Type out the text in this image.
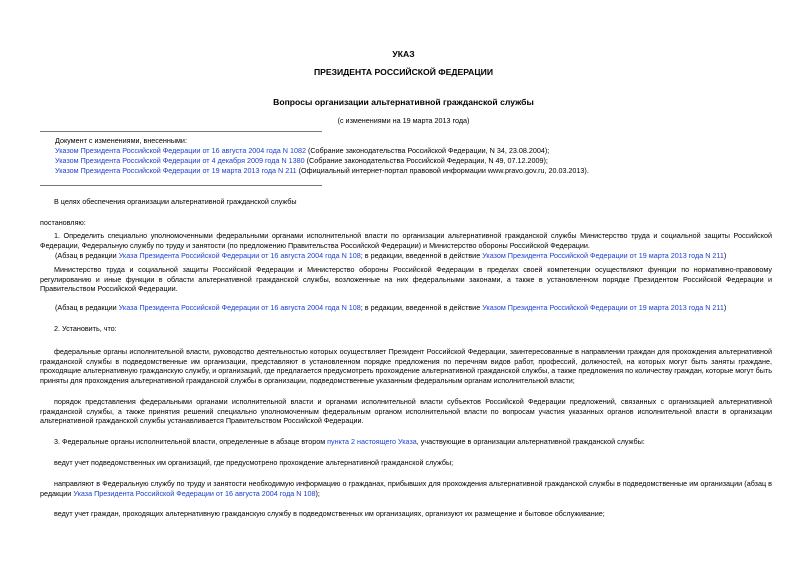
УКАЗ
ПРЕЗИДЕНТА РОССИЙСКОЙ ФЕДЕРАЦИИ
Вопросы организации альтернативной гражданской службы
(с изменениями на 19 марта 2013 года)
Документ с изменениями, внесенными:
Указом Президента Российской Федерации от 16 августа 2004 года N 1082 (Собрание законодательства Российской Федерации, N 34, 23.08.2004);
Указом Президента Российской Федерации от 4 декабря 2009 года N 1380 (Собрание законодательства Российской Федерации, N 49, 07.12.2009);
Указом Президента Российской Федерации от 19 марта 2013 года N 211 (Официальный интернет-портал правовой информации www.pravo.gov.ru, 20.03.2013).
В целях обеспечения организации альтернативной гражданской службы
постановляю:
1. Определить специально уполномоченными федеральными органами исполнительной власти по организации альтернативной гражданской службы Министерство труда и социальной защиты Российской Федерации, Федеральную службу по труду и занятости (по предложению Правительства Российской Федерации) и Министерство обороны Российской Федерации.
(Абзац в редакции Указа Президента Российской Федерации от 16 августа 2004 года N 108; в редакции, введенной в действие Указом Президента Российской Федерации от 19 марта 2013 года N 211)
Министерство труда и социальной защиты Российской Федерации и Министерство обороны Российской Федерации в пределах своей компетенции осуществляют функции по нормативно-правовому регулированию и иные функции в области альтернативной гражданской службы, возложенные на них федеральными законами, а также в установленном порядке Президентом Российской Федерации и Правительством Российской Федерации.
(Абзац в редакции Указа Президента Российской Федерации от 16 августа 2004 года N 108; в редакции, введенной в действие Указом Президента Российской Федерации от 19 марта 2013 года N 211)
2. Установить, что:
федеральные органы исполнительной власти, руководство деятельностью которых осуществляет Президент Российской Федерации, заинтересованные в направлении граждан для прохождения альтернативной гражданской службы в подведомственные им организации, представляют в установленном порядке предложения по перечням видов работ, профессий, должностей, на которых могут быть заняты граждане, проходящие альтернативную гражданскую службу, и организаций, где предлагается предусмотреть прохождение альтернативной гражданской службы, а также предложения по количеству граждан, которые могут быть приняты для прохождения альтернативной гражданской службы в организации, подведомственные указанным федеральным органам исполнительной власти;
порядок представления федеральными органами исполнительной власти и органами исполнительной власти субъектов Российской Федерации предложений, связанных с организацией альтернативной гражданской службы, а также принятия решений специально уполномоченным федеральным органом исполнительной власти по вопросам участия указанных органов исполнительной власти в организации альтернативной гражданской службы устанавливается Правительством Российской Федерации.
3. Федеральные органы исполнительной власти, определенные в абзаце втором пункта 2 настоящего Указа, участвующие в организации альтернативной гражданской службы:
ведут учет подведомственных им организаций, где предусмотрено прохождение альтернативной гражданской службы;
направляют в Федеральную службу по труду и занятости необходимую информацию о гражданах, прибывших для прохождения альтернативной гражданской службы в подведомственные им организации (абзац в редакции Указа Президента Российской Федерации от 16 августа 2004 года N 108);
ведут учет граждан, проходящих альтернативную гражданскую службу в подведомственных им организациях, организуют их размещение и бытовое обслуживание;
